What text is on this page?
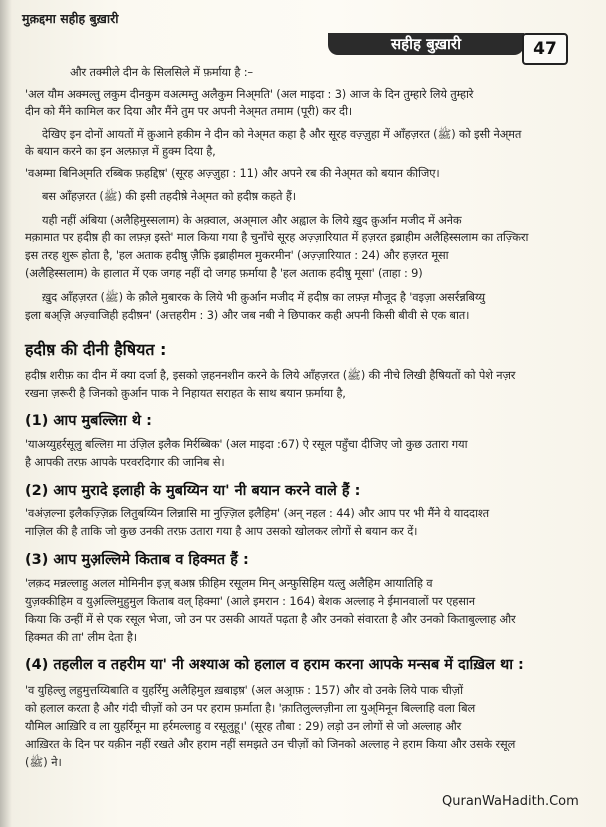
मुक़द्दमा सहीह बुख़ारी
सहीह बुख़ारी	47
और तक्मीले दीन के सिलसिले में फ़र्माया है :–
'अल यौम अक्मल्तु लकुम दीनकुम वअत्मम्तु अलैकुम निअ्मति' (अल माइदा : 3) आज के दिन तुम्हारे लिये तुम्हारे
दीन को मैंने कामिल कर दिया और मैंने तुम पर अपनी नेअ्मत तमाम (पूरी) कर दी।
देखिए इन दोनों आयतों में क़ुआने हकीम ने दीन को नेअ्मत कहा है और सूरह वज़्ज़ुहा में आँहज़रत (ﷺ) को इसी नेअ्मत
के बयान करने का इन अल्फ़ाज़ में हुक्म दिया है,
'वअम्मा बिनिअ्मति रब्बिक फ़हद्दिष़' (सूरह अज़्ज़ुहा : 11) और अपने रब की नेअ्मत को बयान कीजिए।
बस आँहज़रत (ﷺ) की इसी तहदीष़े नेअ्मत को हदीष़ कहते हैं।
यही नहीं अंबिया (अलैहिमुस्सलाम) के अक़्वाल, अअ्माल और अह्वाल के लिये ख़ुद क़ुर्आन मजीद में अनेक
मक़ामात पर हदीष़ ही का लफ़्ज़ इस्ते' माल किया गया है चुनाँचे सूरह अज़्ज़ारियात में हज़रत इब्राहीम अलैहिस्सलाम का तज़्किरा
इस तरह शुरू होता है, 'हल अताक हदीष़ु ज़ैफ़ि इब्राहीमल मुकरमीन' (अज़्ज़ारियात : 24) और हज़रत मूसा
(अलैहिस्सलाम) के हालात में एक जगह नहीं दो जगह फ़र्माया है 'हल अताक हदीष़ु मूसा' (ताहा : 9)
ख़ुद आँहज़रत (ﷺ) के क़ौले मुबारक के लिये भी क़ुर्आन मजीद में हदीष़ का लफ़्ज़ मौजूद है 'वइज़ा असर्रन्नबिय्यु
इला बअ्ज़ि अज़्वाजिही हदीष़न' (अत्तहरीम : 3) और जब नबी ने छिपाकर कही अपनी किसी बीवी से एक बात।
हदीष़ की दीनी हैषियत :
हदीष़ शरीफ़ का दीन में क्या दर्जा है, इसको ज़हननशीन करने के लिये आँहज़रत (ﷺ) की नीचे लिखी हैषियतों को पेशे नज़र
रखना ज़रूरी है जिनको क़ुर्आन पाक ने निहायत सराहत के साथ बयान फ़र्माया है,
(1) आप मुबल्लिग़ थे :
'याअय्युहर्रसूलु बल्लिग़ मा उंज़िल इलैक मिर्रब्बिक' (अल माइदा :67) ऐ रसूल पहुँचा दीजिए जो कुछ उतारा गया
है आपकी तरफ़ आपके परवरदिगार की जानिब से।
(2) आप मुरादे इलाही के मुबय्यिन या' नी बयान करने वाले हैं :
'वअंज़ल्ना इलैकज़्ज़िक्र लितुबय्यिन लिन्नासि मा नुज़्ज़िल इलैहिम' (अन् नहल : 44) और आप पर भी मैंने ये याददाश्त
नाज़िल की है ताकि जो कुछ उनकी तरफ़ उतारा गया है आप उसको खोलकर लोगों से बयान कर दें।
(3) आप मुअ़ल्लिमे किताब व हिक्मत हैं :
'लक़द मन्नल्लाहु अलल मोमिनीन इज़् बअष़ फ़ीहिम रसूलम मिन् अन्फ़ुसिहिम यत्लु अलैहिम आयातिहि व
युज़क्कीहिम व युअ़ल्लिमुहुमुल किताब वल् हिक्मा' (आले इमरान : 164) बेशक अल्लाह ने ईमानवालों पर एहसान
किया कि उन्हीं में से एक रसूल भेजा, जो उन पर उसकी आयतें पढ़ता है और उनको संवारता है और उनको किताबुल्लाह और
हिक्मत की ता' लीम देता है।
(4) तहलील व तहरीम या' नी अश्याअ को हलाल व हराम करना आपके मन्सब में दाख़िल था :
'व युहिल्लु लहुमुत्तय्यिबाति व युहर्रिमु अलैहिमुल ख़बाइष़' (अल अअ्राफ़ : 157) और वो उनके लिये पाक चीज़ों
को हलाल करता है और गंदी चीज़ों को उन पर हराम फ़र्माता है। 'क़ातिलुल्लज़ीना ला युअ्मिनून बिल्लाहि वला बिल
यौमिल आख़िरि व ला युहर्रिमून मा हर्रमल्लाहु व रसूलुहू।' (सूरह तौबा : 29) लड़ो उन लोगों से जो अल्लाह और
आख़िरत के दिन पर यक़ीन नहीं रखते और हराम नहीं समझते उन चीज़ों को जिनको अल्लाह ने हराम किया और उसके रसूल
(ﷺ) ने।
QuranWaHadith.Com
